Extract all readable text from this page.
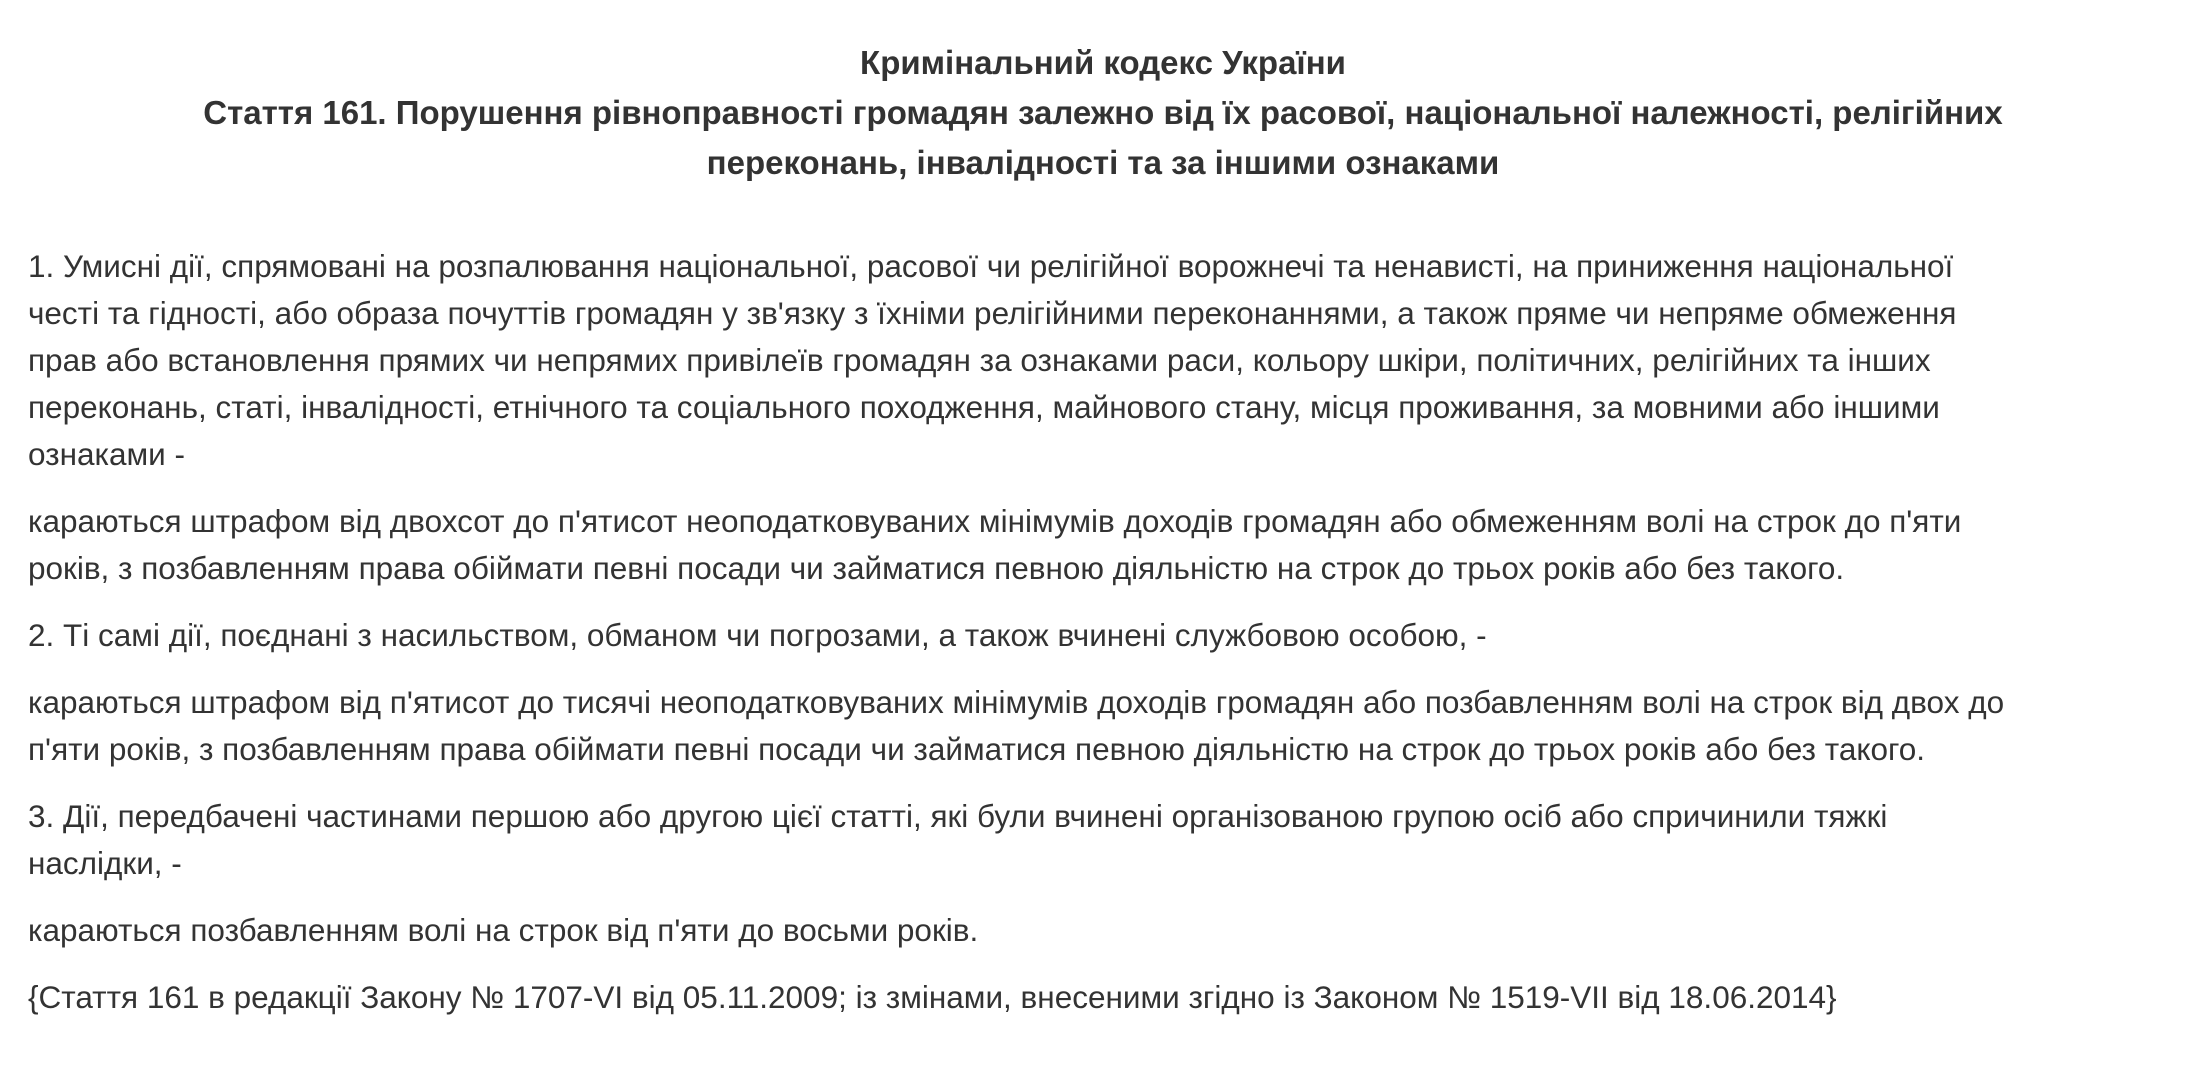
Кримінальний кодекс України
Стаття 161. Порушення рівноправності громадян залежно від їх расової, національної належності, релігійних
переконань, інвалідності та за іншими ознаками

1. Умисні дії, спрямовані на розпалювання національної, расової чи релігійної ворожнечі та ненависті, на приниження національної
честі та гідності, або образа почуттів громадян у зв'язку з їхніми релігійними переконаннями, а також пряме чи непряме обмеження
прав або встановлення прямих чи непрямих привілеїв громадян за ознаками раси, кольору шкіри, політичних, релігійних та інших
переконань, статі, інвалідності, етнічного та соціального походження, майнового стану, місця проживання, за мовними або іншими
ознаками -

караються штрафом від двохсот до п'ятисот неоподатковуваних мінімумів доходів громадян або обмеженням волі на строк до п'яти
років, з позбавленням права обіймати певні посади чи займатися певною діяльністю на строк до трьох років або без такого.

2. Ті самі дії, поєднані з насильством, обманом чи погрозами, а також вчинені службовою особою, -

караються штрафом від п'ятисот до тисячі неоподатковуваних мінімумів доходів громадян або позбавленням волі на строк від двох до
п'яти років, з позбавленням права обіймати певні посади чи займатися певною діяльністю на строк до трьох років або без такого.

3. Дії, передбачені частинами першою або другою цієї статті, які були вчинені організованою групою осіб або спричинили тяжкі
наслідки, -

караються позбавленням волі на строк від п'яти до восьми років.

{Стаття 161 в редакції Закону № 1707-VI від 05.11.2009; із змінами, внесеними згідно із Законом № 1519-VII від 18.06.2014}
